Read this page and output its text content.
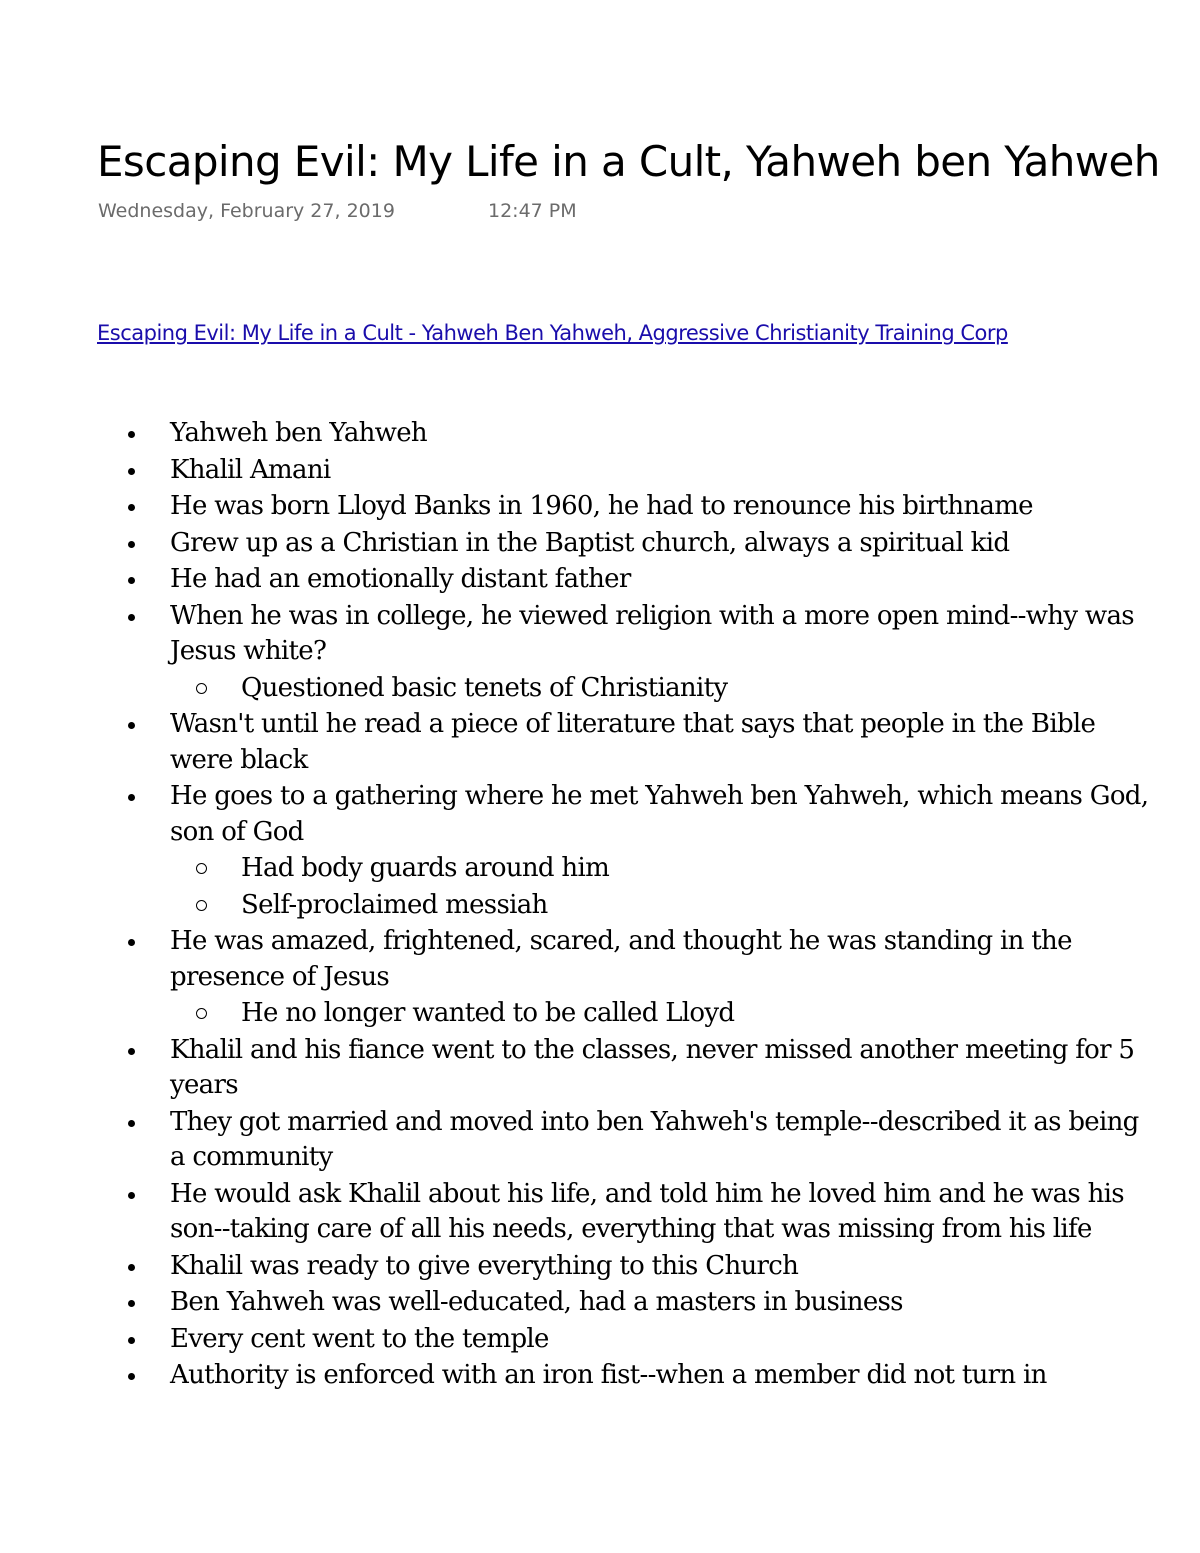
Escaping Evil: My Life in a Cult, Yahweh ben Yahweh
Wednesday, February 27, 2019	12:47 PM
Escaping Evil: My Life in a Cult - Yahweh Ben Yahweh, Aggressive Christianity Training Corp
Yahweh ben Yahweh
Khalil Amani
He was born Lloyd Banks in 1960, he had to renounce his birthname
Grew up as a Christian in the Baptist church, always a spiritual kid
He had an emotionally distant father
When he was in college, he viewed religion with a more open mind--why was Jesus white?
Questioned basic tenets of Christianity
Wasn't until he read a piece of literature that says that people in the Bible were black
He goes to a gathering where he met Yahweh ben Yahweh, which means God, son of God
Had body guards around him
Self-proclaimed messiah
He was amazed, frightened, scared, and thought he was standing in the presence of Jesus
He no longer wanted to be called Lloyd
Khalil and his fiance went to the classes, never missed another meeting for 5 years
They got married and moved into ben Yahweh's temple--described it as being a community
He would ask Khalil about his life, and told him he loved him and he was his son--taking care of all his needs, everything that was missing from his life
Khalil was ready to give everything to this Church
Ben Yahweh was well-educated, had a masters in business
Every cent went to the temple
Authority is enforced with an iron fist--when a member did not turn in
